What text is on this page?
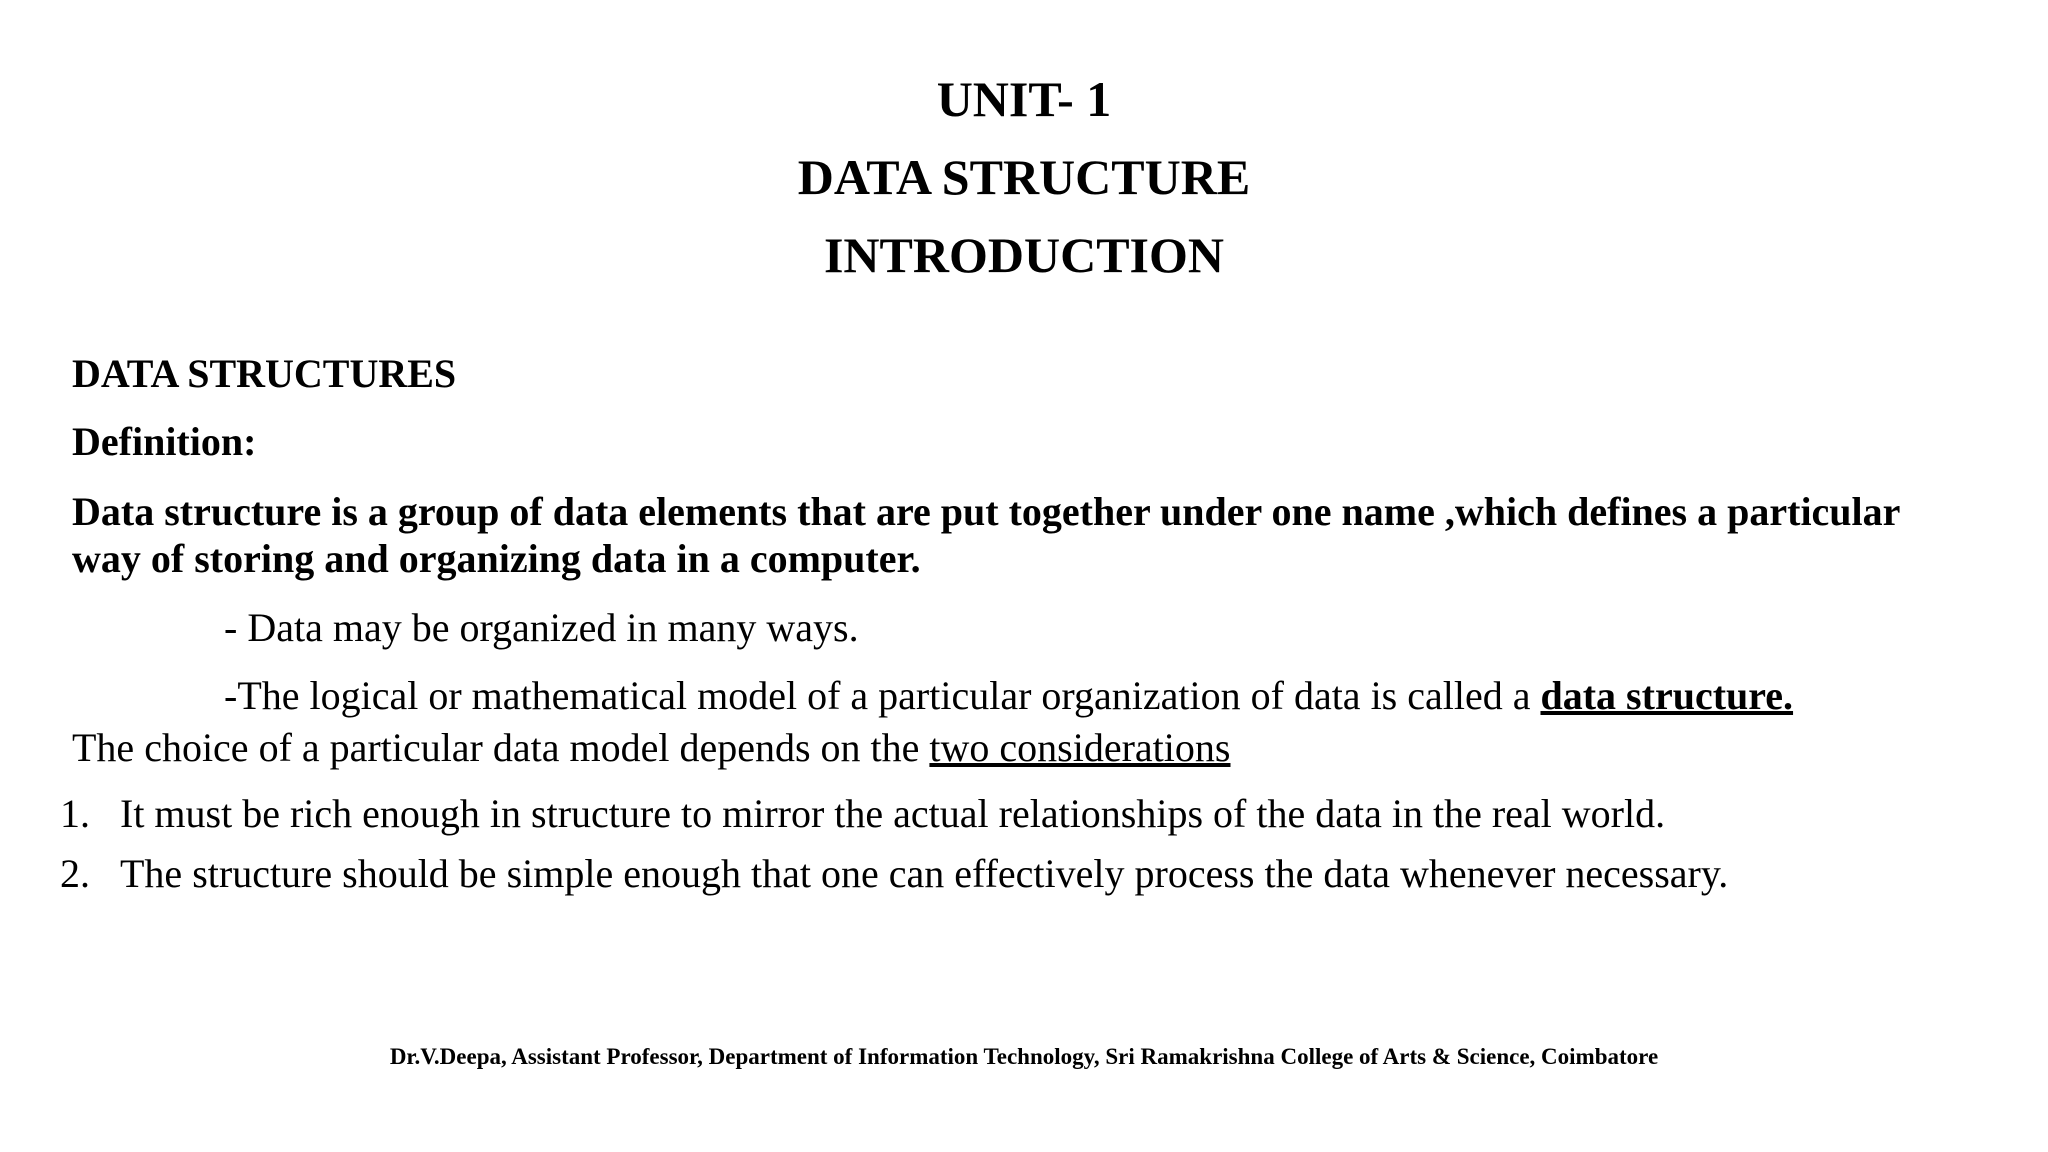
UNIT- 1
DATA STRUCTURE
INTRODUCTION
DATA STRUCTURES
Definition:
Data structure is a group of data elements that are put together under one name ,which defines a particular way of storing and organizing data in a computer.
- Data may be organized in many ways.
-The logical or mathematical model of a particular organization of data is called a data structure.
The choice of a particular data model depends on the two considerations
1. It must be rich enough in structure to mirror the actual relationships of the data in the real world.
2. The structure should be simple enough that one can effectively process the data whenever necessary.
Dr.V.Deepa, Assistant Professor, Department of Information Technology, Sri Ramakrishna College of Arts & Science, Coimbatore
